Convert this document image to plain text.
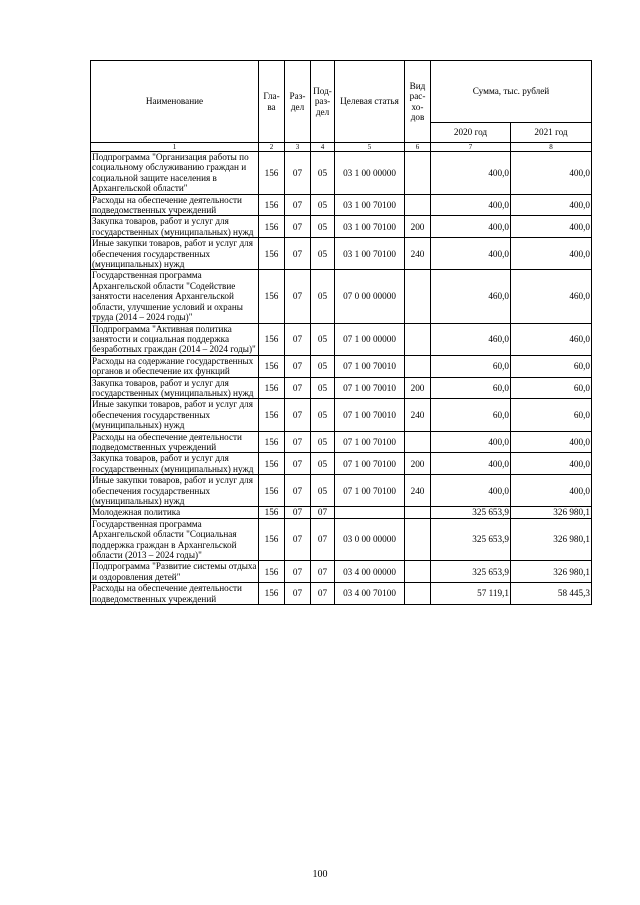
Наименование	Гла-ва	Раз-дел	Под-раз-дел	Целевая статья	Вид рас-хо-дов	Сумма, тыс. рублей	
						2020 год	2021 год
1	2	3	4	5	6	7	8
Подпрограмма "Организация работы по социальному обслуживанию граждан и социальной защите населения в Архангельской области"	156	07	05	03 1 00 00000		400,0	400,0
Расходы на обеспечение деятельности подведомственных учреждений	156	07	05	03 1 00 70100		400,0	400,0
Закупка товаров, работ и услуг для государственных (муниципальных) нужд	156	07	05	03 1 00 70100	200	400,0	400,0
Иные закупки товаров, работ и услуг для обеспечения государственных (муниципальных) нужд	156	07	05	03 1 00 70100	240	400,0	400,0
Государственная программа Архангельской области "Содействие занятости населения Архангельской области, улучшение условий и охраны труда (2014 – 2024 годы)"	156	07	05	07 0 00 00000		460,0	460,0
Подпрограмма "Активная политика занятости и социальная поддержка безработных граждан (2014 – 2024 годы)"	156	07	05	07 1 00 00000		460,0	460,0
Расходы на содержание государственных органов и обеспечение их функций	156	07	05	07 1 00 70010		60,0	60,0
Закупка товаров, работ и услуг для государственных (муниципальных) нужд	156	07	05	07 1 00 70010	200	60,0	60,0
Иные закупки товаров, работ и услуг для обеспечения государственных (муниципальных) нужд	156	07	05	07 1 00 70010	240	60,0	60,0
Расходы на обеспечение деятельности подведомственных учреждений	156	07	05	07 1 00 70100		400,0	400,0
Закупка товаров, работ и услуг для государственных (муниципальных) нужд	156	07	05	07 1 00 70100	200	400,0	400,0
Иные закупки товаров, работ и услуг для обеспечения государственных (муниципальных) нужд	156	07	05	07 1 00 70100	240	400,0	400,0
Молодежная политика	156	07	07			325 653,9	326 980,1
Государственная программа Архангельской области "Социальная поддержка граждан в Архангельской области (2013 – 2024 годы)"	156	07	07	03 0 00 00000		325 653,9	326 980,1
Подпрограмма "Развитие системы отдыха и оздоровления детей"	156	07	07	03 4 00 00000		325 653,9	326 980,1
Расходы на обеспечение деятельности подведомственных учреждений	156	07	07	03 4 00 70100		57 119,1	58 445,3
100
